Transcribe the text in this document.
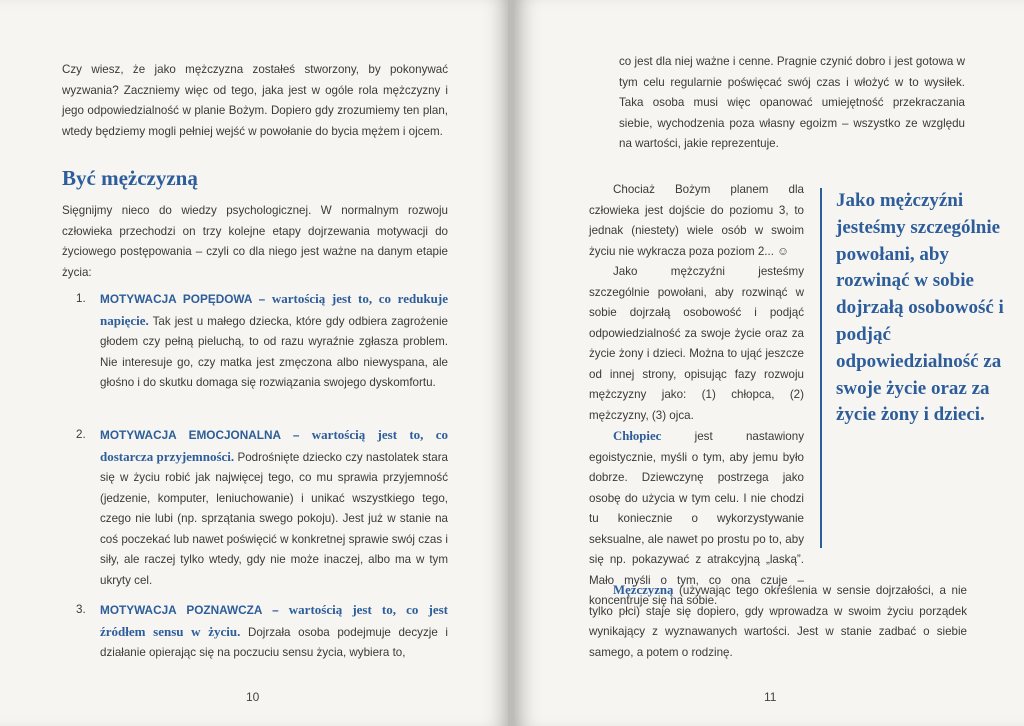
Czy wiesz, że jako mężczyzna zostałeś stworzony, by pokonywać wyzwania? Zaczniemy więc od tego, jaka jest w ogóle rola mężczyzny i jego odpowiedzialność w planie Bożym. Dopiero gdy zrozumiemy ten plan, wtedy będziemy mogli pełniej wejść w powołanie do bycia mężem i ojcem.
Być mężczyzną
Sięgnijmy nieco do wiedzy psychologicznej. W normalnym rozwoju człowieka przechodzi on trzy kolejne etapy dojrzewania motywacji do życiowego postępowania – czyli co dla niego jest ważne na danym etapie życia:
1.	MOTYWACJA POPĘDOWA – wartością jest to, co redukuje napięcie. Tak jest u małego dziecka, które gdy odbiera zagrożenie głodem czy pełną pieluchą, to od razu wyraźnie zgłasza problem. Nie interesuje go, czy matka jest zmęczona albo niewyspana, ale głośno i do skutku domaga się rozwiązania swojego dyskomfortu.
2.	MOTYWACJA EMOCJONALNA – wartością jest to, co dostarcza przyjemności. Podrośnięte dziecko czy nastolatek stara się w życiu robić jak najwięcej tego, co mu sprawia przyjemność (jedzenie, komputer, leniuchowanie) i unikać wszystkiego tego, czego nie lubi (np. sprzątania swego pokoju). Jest już w stanie na coś poczekać lub nawet poświęcić w konkretnej sprawie swój czas i siły, ale raczej tylko wtedy, gdy nie może inaczej, albo ma w tym ukryty cel.
3.	MOTYWACJA POZNAWCZA – wartością jest to, co jest źródłem sensu w życiu. Dojrzała osoba podejmuje decyzje i działanie opierając się na poczuciu sensu życia, wybiera to,
10
co jest dla niej ważne i cenne. Pragnie czynić dobro i jest gotowa w tym celu regularnie poświęcać swój czas i włożyć w to wysiłek. Taka osoba musi więc opanować umiejętność przekraczania siebie, wychodzenia poza własny egoizm – wszystko ze względu na wartości, jakie reprezentuje.
Chociaż Bożym planem dla człowieka jest dojście do poziomu 3, to jednak (niestety) wiele osób w swoim życiu nie wykracza poza poziom 2... ☺
Jako mężczyźni jesteśmy szczególnie powołani, aby rozwinąć w sobie dojrzałą osobowość i podjąć odpowiedzialność za swoje życie oraz za życie żony i dzieci. Można to ująć jeszcze od innej strony, opisując fazy rozwoju mężczyzny jako: (1) chłopca, (2) mężczyzny, (3) ojca.
Chłopiec jest nastawiony egoistycznie, myśli o tym, aby jemu było dobrze. Dziewczynę postrzega jako osobę do użycia w tym celu. I nie chodzi tu koniecznie o wykorzystywanie seksualne, ale nawet po prostu po to, aby się np. pokazywać z atrakcyjną „laską”. Mało myśli o tym, co ona czuje – koncentruje się na sobie.
Mężczyzną (używając tego określenia w sensie dojrzałości, a nie tylko płci) staje się dopiero, gdy wprowadza w swoim życiu porządek wynikający z wyznawanych wartości. Jest w stanie zadbać o siebie samego, a potem o rodzinę.
11
Jako mężczyźni jesteśmy szczególnie powołani, aby rozwinąć w sobie dojrzałą osobowość i podjąć odpowiedzialność za swoje życie oraz za życie żony i dzieci.
